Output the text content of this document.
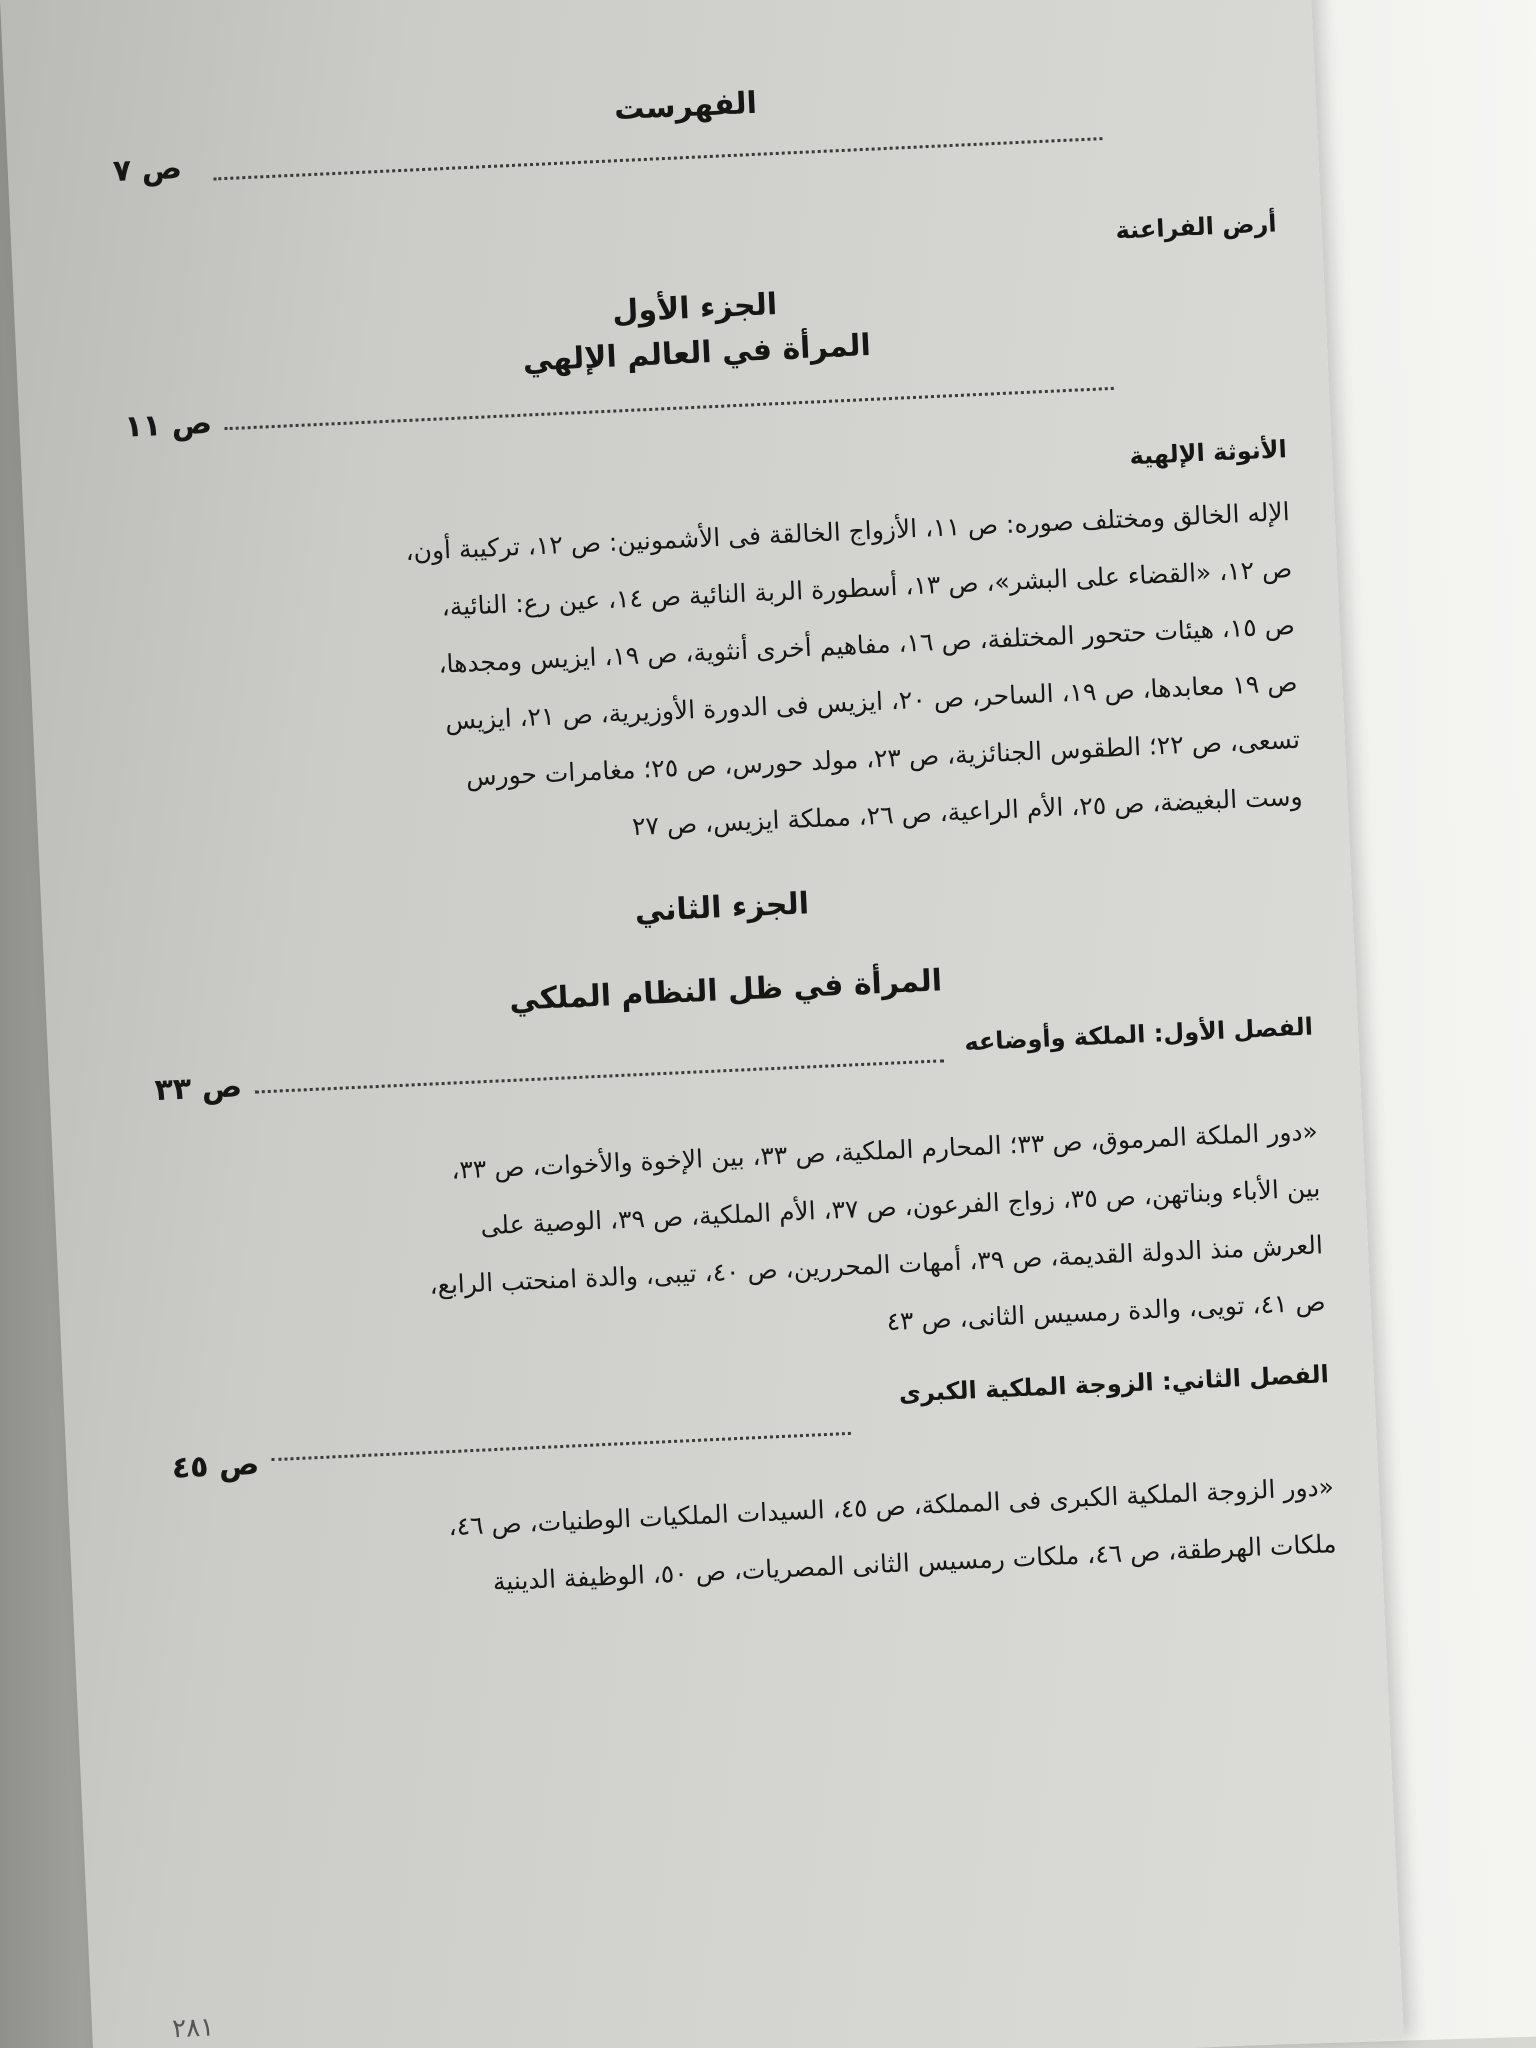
الفهرست
أرض الفراعنة
ص ٧
الجزء الأول
المرأة في العالم الإلهي
الأنوثة الإلهية
ص ١١

الإله الخالق ومختلف صوره: ص ١١، الأزواج الخالقة فى الأشمونين: ص ١٢، تركيبة أون،

ص ١٢، «القضاء على البشر»، ص ١٣، أسطورة الربة النائية ص ١٤، عين رع: النائية،

ص ١٥، هيئات حتحور المختلفة، ص ١٦، مفاهيم أخرى أنثوية، ص ١٩، ايزيس ومجدها،

ص ١٩ معابدها، ص ١٩، الساحر، ص ٢٠، ايزيس فى الدورة الأوزيرية، ص ٢١، ايزيس

تسعى، ص ٢٢؛ الطقوس الجنائزية، ص ٢٣، مولد حورس، ص ٢٥؛ مغامرات حورس

وست البغيضة، ص ٢٥، الأم الراعية، ص ٢٦، مملكة ايزيس، ص ٢٧

الجزء الثاني
المرأة في ظل النظام الملكي
الفصل الأول: الملكة وأوضاعه
ص ٣٣

«دور الملكة المرموق، ص ٣٣؛ المحارم الملكية، ص ٣٣، بين الإخوة والأخوات، ص ٣٣،

بين الأباء وبناتهن، ص ٣٥، زواج الفرعون، ص ٣٧، الأم الملكية، ص ٣٩، الوصية على

العرش منذ الدولة القديمة، ص ٣٩، أمهات المحررين، ص ٤٠، تيبى، والدة امنحتب الرابع،

ص ٤١، تويى، والدة رمسيس الثانى، ص ٤٣

الفصل الثاني: الزوجة الملكية الكبرى
ص ٤٥

«دور الزوجة الملكية الكبرى فى المملكة، ص ٤٥، السيدات الملكيات الوطنيات، ص ٤٦،

ملكات الهرطقة، ص ٤٦، ملكات رمسيس الثانى المصريات، ص ٥٠، الوظيفة الدينية

٢٨١
